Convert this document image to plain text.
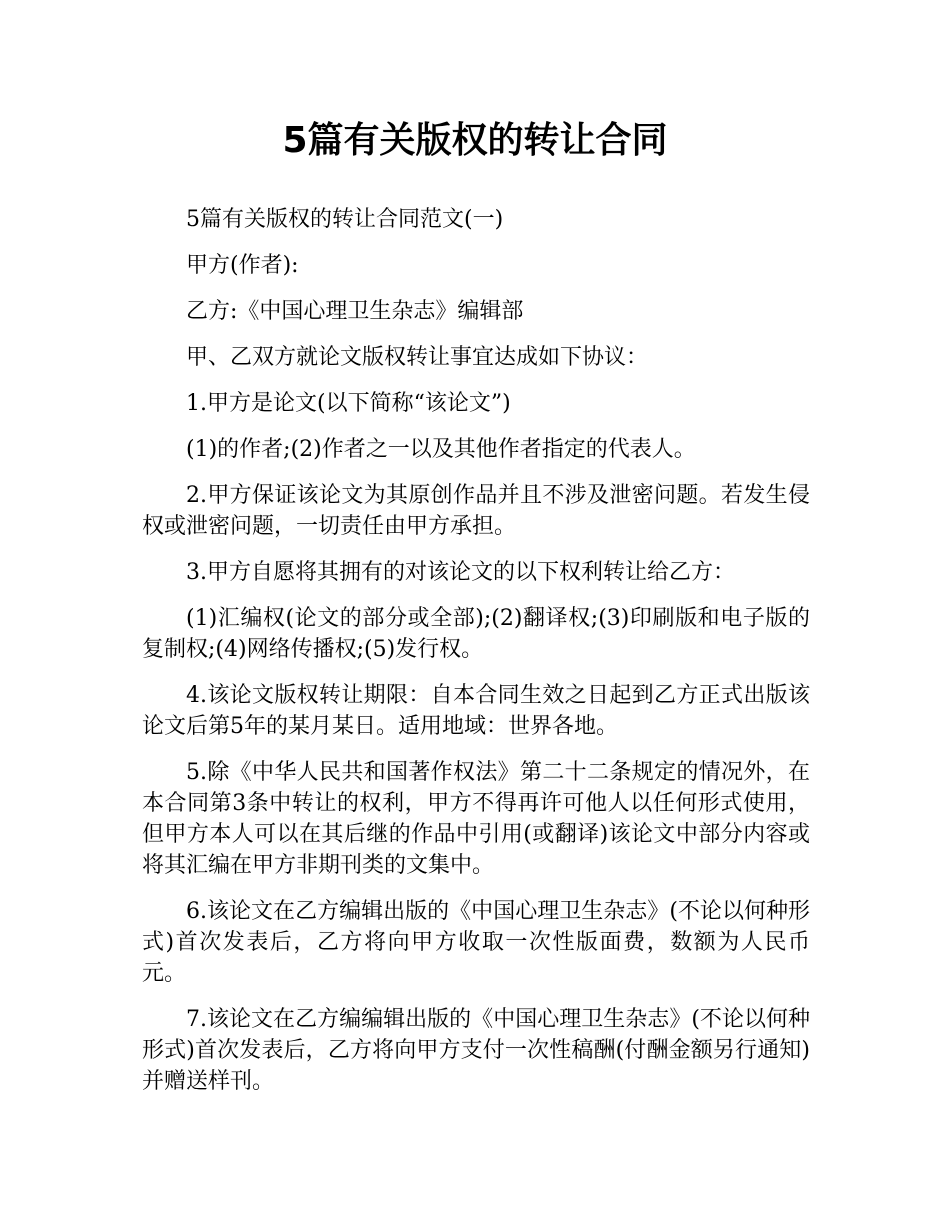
5篇有关版权的转让合同

5篇有关版权的转让合同范文(一)

甲方(作者):

乙方:《中国心理卫生杂志》编辑部

甲、乙双方就论文版权转让事宜达成如下协议：

1.甲方是论文(以下简称“该论文”)

(1)的作者;(2)作者之一以及其他作者指定的代表人。

2.甲方保证该论文为其原创作品并且不涉及泄密问题。若发生侵权或泄密问题，一切责任由甲方承担。

3.甲方自愿将其拥有的对该论文的以下权利转让给乙方：

(1)汇编权(论文的部分或全部);(2)翻译权;(3)印刷版和电子版的复制权;(4)网络传播权;(5)发行权。

4.该论文版权转让期限：自本合同生效之日起到乙方正式出版该论文后第5年的某月某日。适用地域：世界各地。

5.除《中华人民共和国著作权法》第二十二条规定的情况外，在本合同第3条中转让的权利，甲方不得再许可他人以任何形式使用，但甲方本人可以在其后继的作品中引用(或翻译)该论文中部分内容或将其汇编在甲方非期刊类的文集中。

6.该论文在乙方编辑出版的《中国心理卫生杂志》(不论以何种形式)首次发表后，乙方将向甲方收取一次性版面费，数额为人民币元。

7.该论文在乙方编编辑出版的《中国心理卫生杂志》(不论以何种形式)首次发表后，乙方将向甲方支付一次性稿酬(付酬金额另行通知)并赠送样刊。
